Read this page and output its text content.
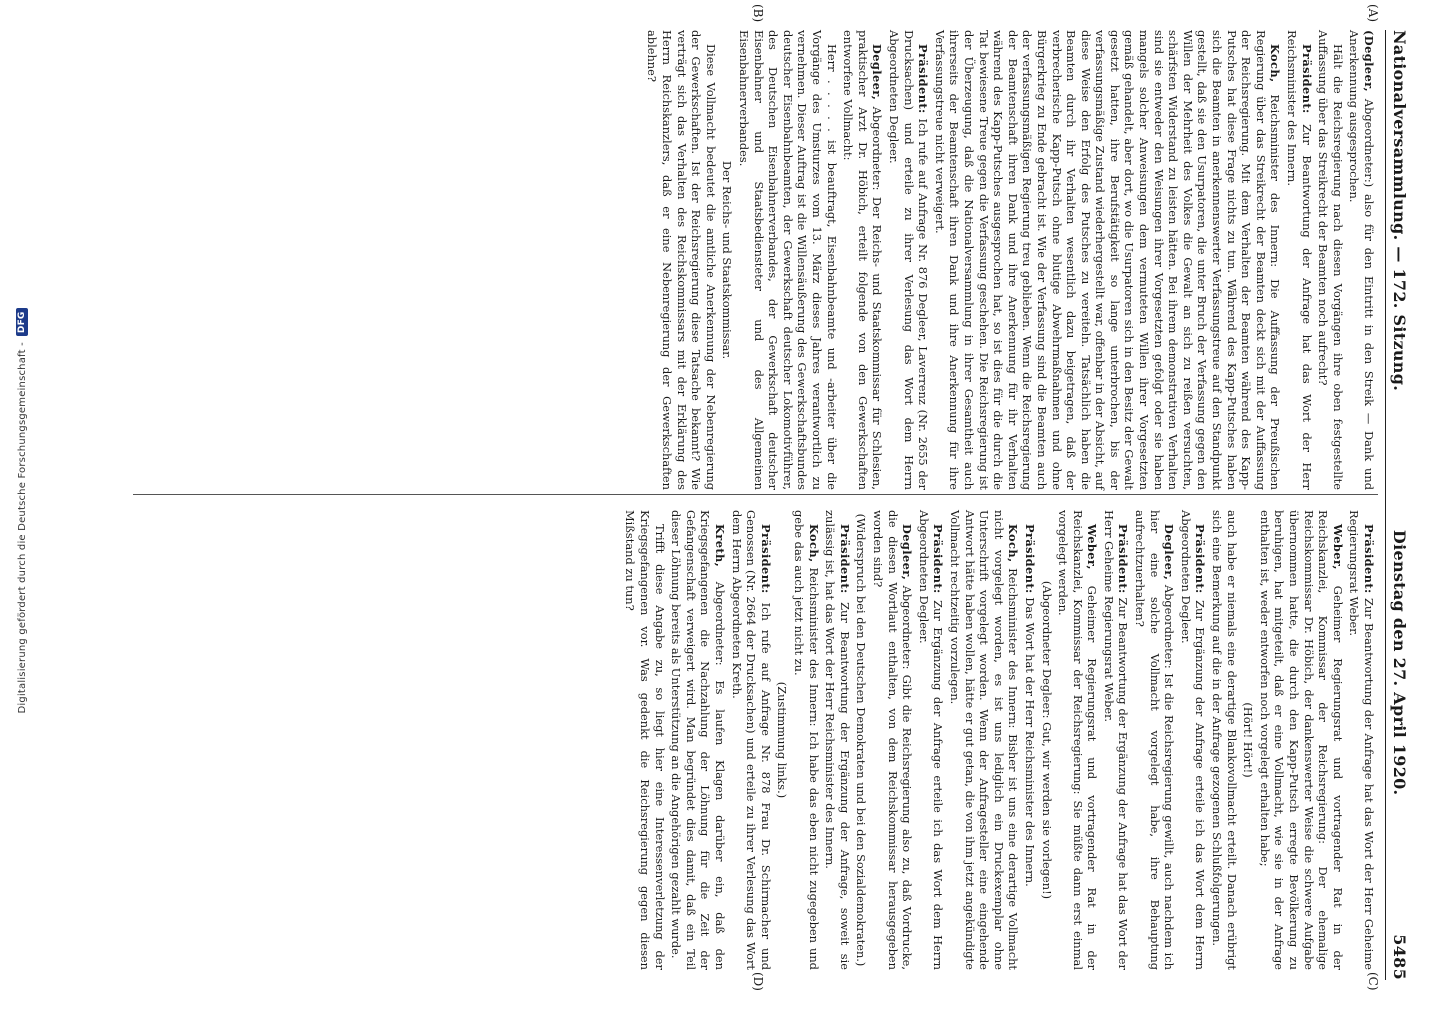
Digitalisierung gefördert durch die Deutsche Forschungsgemeinschaft -
DFG	Nationalversammlung. — 172. Sitzung.
Dienstag den 27. April 1920.
5485
(A)
(B)
(C)
(D)

(Degleer, Abgeordneter:) also für den Eintritt in den Streik — Dank und Anerkennung ausgesprochen.

Hält die Reichsregierung nach diesen Vorgängen ihre oben festgestellte Auffassung über das Streikrecht der Beamten noch aufrecht?

Präsident: Zur Beantwortung der Anfrage hat das Wort der Herr Reichsminister des Innern.

Koch, Reichsminister des Innern: Die Auffassung der Preußischen Regierung über das Streikrecht der Beamten deckt sich mit der Auffassung der Reichsregierung. Mit dem Verhalten der Beamten während des Kapp-Putsches hat diese Frage nichts zu tun. Während des Kapp-Putsches haben sich die Beamten in anerkennenswerter Verfassungstreue auf den Standpunkt gestellt, daß sie den Usurpatoren, die unter Bruch der Verfassung gegen den Willen der Mehrheit des Volkes die Gewalt an sich zu reißen versuchten, schärfsten Widerstand zu leisten hätten. Bei ihrem demonstrativen Verhalten sind sie entweder den Weisungen ihrer Vorgesetzten gefolgt oder sie haben mangels solcher Anweisungen dem vermuteten Willen ihrer Vorgesetzten gemäß gehandelt, aber dort, wo die Usurpatoren sich in den Besitz der Gewalt gesetzt hatten, ihre Berufstätigkeit so lange unterbrochen, bis der verfassungsmäßige Zustand wiederhergestellt war, offenbar in der Absicht, auf diese Weise den Erfolg des Putsches zu vereiteln. Tatsächlich haben die Beamten durch ihr Verhalten wesentlich dazu beigetragen, daß der verbrecherische Kapp-Putsch ohne blutige Abwehrmaßnahmen und ohne Bürgerkrieg zu Ende gebracht ist. Wie der Verfassung sind die Beamten auch der verfassungsmäßigen Regierung treu geblieben. Wenn die Reichsregierung der Beamtenschaft ihren Dank und ihre Anerkennung für ihr Verhalten während des Kapp-Putsches ausgesprochen hat, so ist dies für die durch die Tat bewiesene Treue gegen die Verfassung geschehen. Die Reichsregierung ist der Überzeugung, daß die Nationalversammlung in ihrer Gesamtheit auch ihrerseits der Beamtenschaft ihren Dank und ihre Anerkennung für ihre Verfassungstreue nicht verweigert.

Präsident: Ich rufe auf Anfrage Nr. 876 Degleer, Laverrenz (Nr. 2655 der Drucksachen) und erteile zu ihrer Verlesung das Wort dem Herrn Abgeordneten Degleer.

Degleer, Abgeordneter: Der Reichs- und Staatskommissar für Schlesien, praktischer Arzt Dr. Höbich, erteilt folgende von den Gewerkschaften entworfene Vollmacht:

Herr . . . . . ist beauftragt, Eisenbahnbeamte und -arbeiter über die Vorgänge des Umsturzes vom 13. März dieses Jahres verantwortlich zu vernehmen. Dieser Auftrag ist die Willensäußerung des Gewerkschaftsbundes deutscher Eisenbahnbeamten, der Gewerkschaft deutscher Lokomotivführer, des Deutschen Eisenbahnerverbandes, der Gewerkschaft deutscher Eisenbahner und Staatsbediensteter und des Allgemeinen Eisenbahnerverbandes.

Der Reichs- und Staatskommissar.

Diese Vollmacht bedeutet die amtliche Anerkennung der Nebenregierung der Gewerkschaften. Ist der Reichsregierung diese Tatsache bekannt? Wie verträgt sich das Verhalten des Reichskommissars mit der Erklärung des Herrn Reichskanzlers, daß er eine Nebenregierung der Gewerkschaften ablehne?

Präsident: Zur Beantwortung der Anfrage hat das Wort der Herr Geheime Regierungsrat Weber.

Weber, Geheimer Regierungsrat und vortragender Rat in der Reichskanzlei, Kommissar der Reichsregierung: Der ehemalige Reichskommissar Dr. Höbich, der dankenswerter Weise die schwere Aufgabe übernommen hatte, die durch den Kapp-Putsch erregte Bevölkerung zu beruhigen, hat mitgeteilt, daß er eine Vollmacht, wie sie in der Anfrage enthalten ist, weder entworfen noch vorgelegt erhalten habe;

(Hört! Hört!)

auch habe er niemals eine derartige Blankovollmacht erteilt. Danach erübrigt sich eine Bemerkung auf die in der Anfrage gezogenen Schlußfolgerungen.

Präsident: Zur Ergänzung der Anfrage erteile ich das Wort dem Herrn Abgeordneten Degleer.

Degleer, Abgeordneter: Ist die Reichsregierung gewillt, auch nachdem ich hier eine solche Vollmacht vorgelegt habe, ihre Behauptung aufrechtzuerhalten?

Präsident: Zur Beantwortung der Ergänzung der Anfrage hat das Wort der Herr Geheime Regierungsrat Weber.

Weber, Geheimer Regierungsrat und vortragender Rat in der Reichskanzlei, Kommissar der Reichsregierung: Sie müßte dann erst einmal vorgelegt werden.

(Abgeordneter Degleer: Gut, wir werden sie vorlegen!)

Präsident: Das Wort hat der Herr Reichsminister des Innern.

Koch, Reichsminister des Innern: Bisher ist uns eine derartige Vollmacht nicht vorgelegt worden, es ist uns lediglich ein Druckexemplar ohne Unterschrift vorgelegt worden. Wenn der Anfragesteller eine eingehende Antwort hätte haben wollen, hätte er gut getan, die von ihm jetzt angekündigte Vollmacht rechtzeitig vorzulegen.

Präsident: Zur Ergänzung der Anfrage erteile ich das Wort dem Herrn Abgeordneten Degleer.

Degleer, Abgeordneter: Gibt die Reichsregierung also zu, daß Vordrucke, die diesen Wortlaut enthalten, von dem Reichskommissar herausgegeben worden sind?

(Widerspruch bei den Deutschen Demokraten und bei den Sozialdemokraten.)

Präsident: Zur Beantwortung der Ergänzung der Anfrage, soweit sie zulässig ist, hat das Wort der Herr Reichsminister des Innern.

Koch, Reichsminister des Innern: Ich habe das eben nicht zugegeben und gebe das auch jetzt nicht zu.

(Zustimmung links.)

Präsident: Ich rufe auf Anfrage Nr. 878 Frau Dr. Schirmacher und Genossen (Nr. 2664 der Drucksachen) und erteile zu ihrer Verlesung das Wort dem Herrn Abgeordneten Kreth.

Kreth, Abgeordneter: Es laufen Klagen darüber ein, daß den Kriegsgefangenen die Nachzahlung der Löhnung für die Zeit der Gefangenschaft verweigert wird. Man begründet dies damit, daß ein Teil dieser Löhnung bereits als Unterstützung an die Angehörigen gezahlt wurde.

Trifft diese Angabe zu, so liegt hier eine Interessenverletzung der Kriegsgefangenen vor. Was gedenkt die Reichsregierung gegen diesen Mißstand zu tun?
